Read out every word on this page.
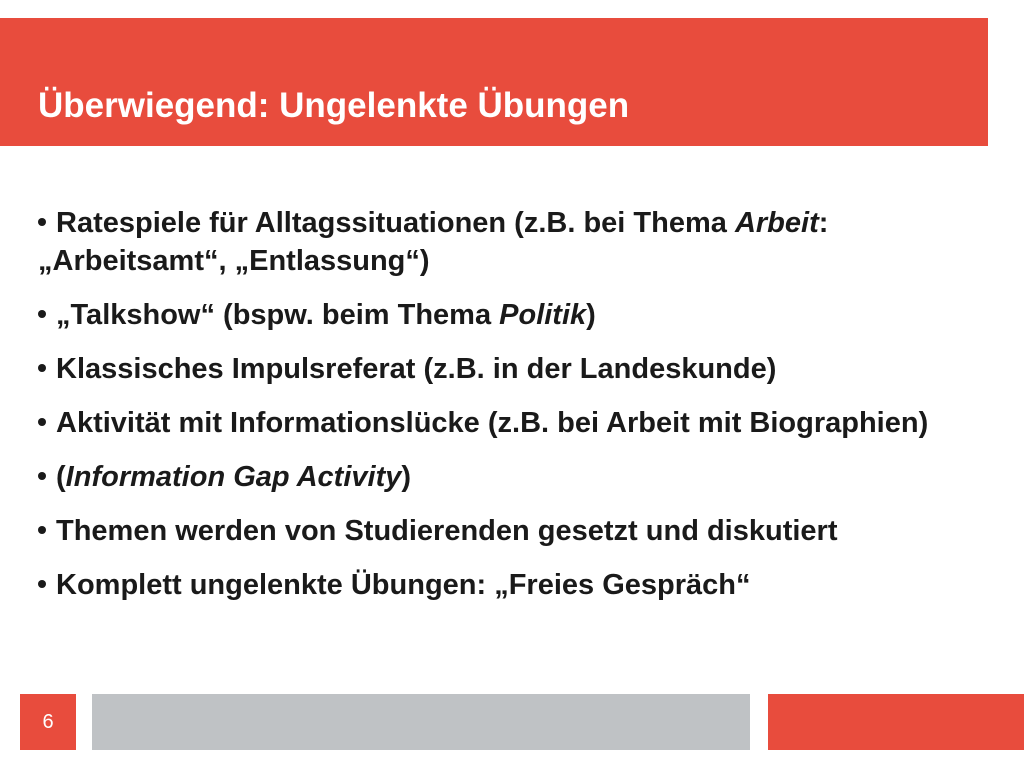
Überwiegend: Ungelenkte Übungen
Ratespiele für Alltagssituationen (z.B. bei Thema Arbeit: „Arbeitsamt“, „Entlassung“)
„Talkshow“ (bspw. beim Thema Politik)
Klassisches Impulsreferat (z.B. in der Landeskunde)
Aktivität mit Informationslücke (z.B. bei Arbeit mit Biographien)
(Information Gap Activity)
Themen werden von Studierenden gesetzt und diskutiert
Komplett ungelenkte Übungen: „Freies Gespräch“
6
